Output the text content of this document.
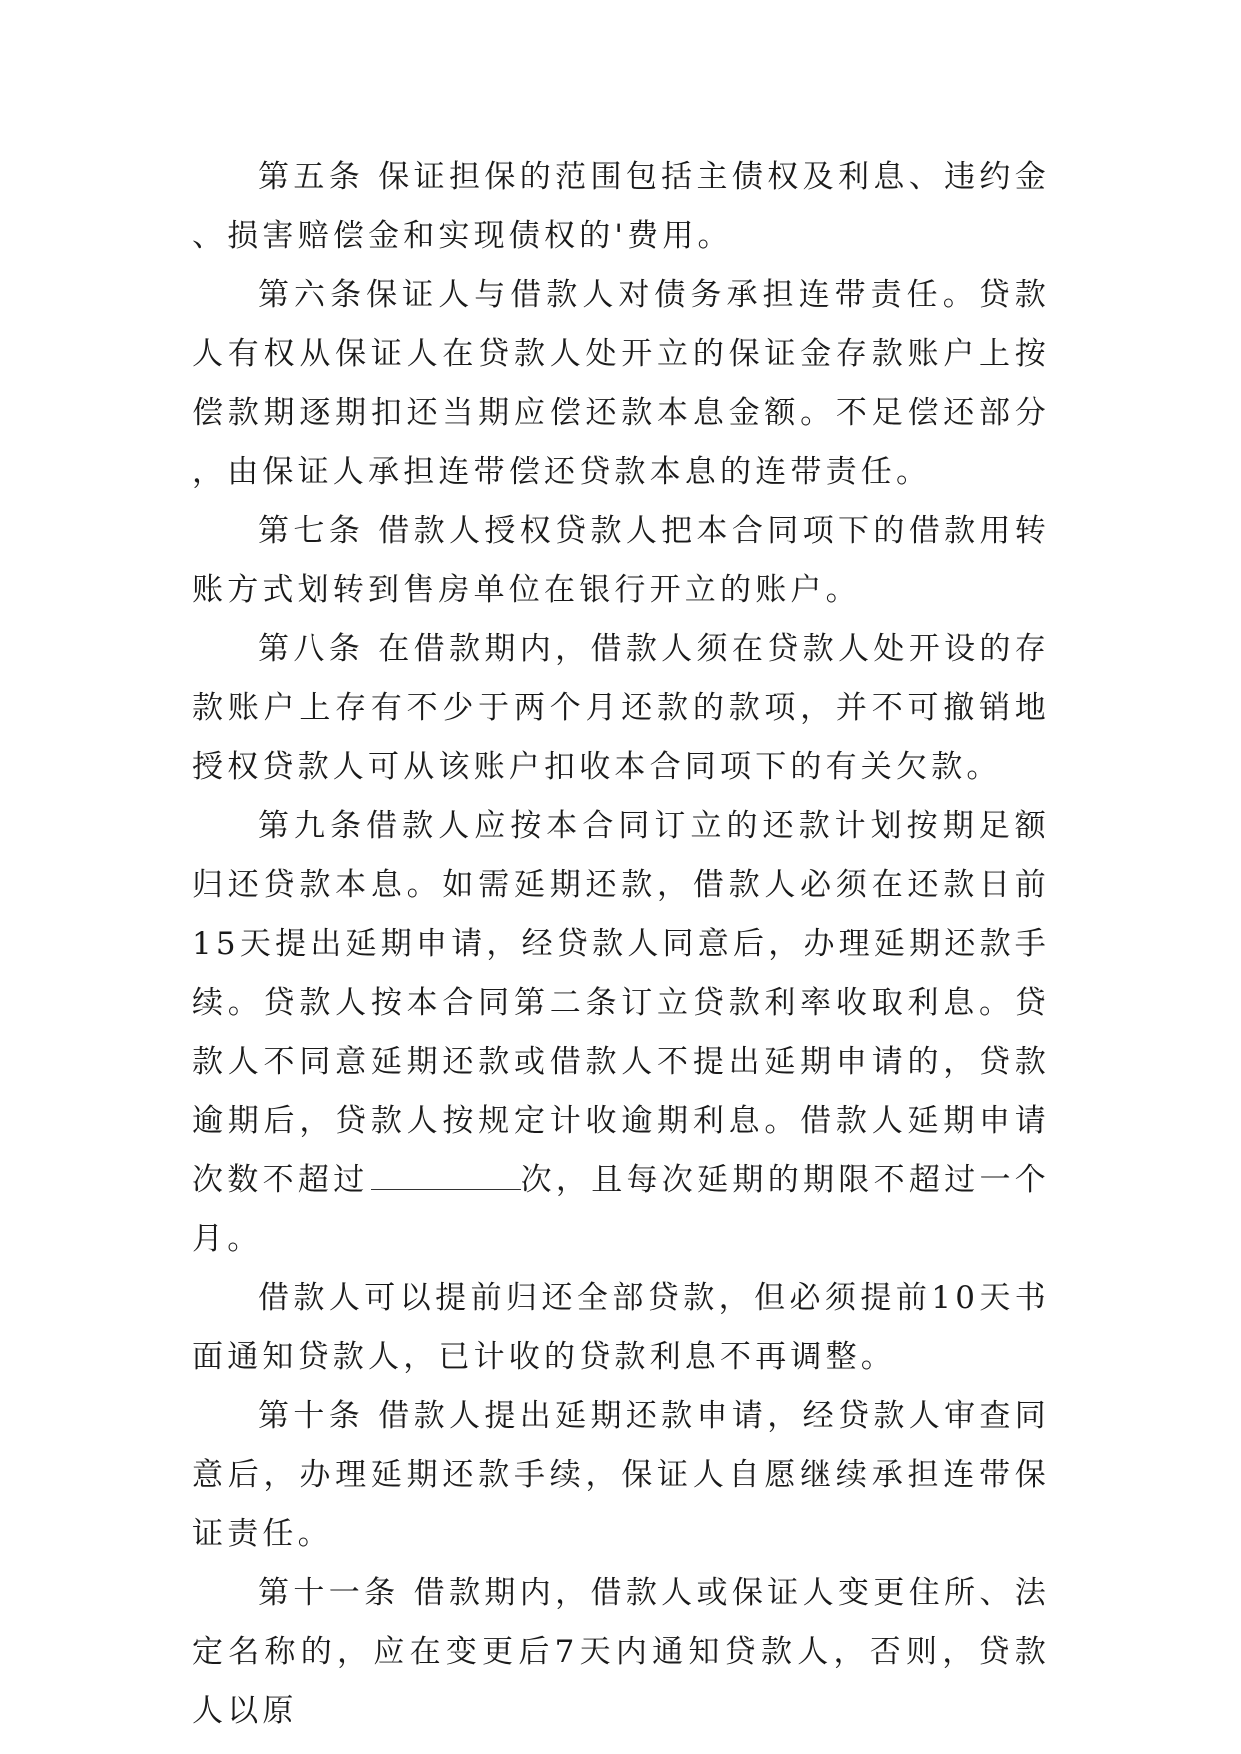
第五条 保证担保的范围包括主债权及利息、违约金、损害赔偿金和实现债权的'费用。

第六条保证人与借款人对债务承担连带责任。贷款人有权从保证人在贷款人处开立的保证金存款账户上按偿款期逐期扣还当期应偿还款本息金额。不足偿还部分，由保证人承担连带偿还贷款本息的连带责任。

第七条 借款人授权贷款人把本合同项下的借款用转账方式划转到售房单位在银行开立的账户。

第八条 在借款期内，借款人须在贷款人处开设的存款账户上存有不少于两个月还款的款项，并不可撤销地授权贷款人可从该账户扣收本合同项下的有关欠款。

第九条借款人应按本合同订立的还款计划按期足额归还贷款本息。如需延期还款，借款人必须在还款日前15天提出延期申请，经贷款人同意后，办理延期还款手续。贷款人按本合同第二条订立贷款利率收取利息。贷款人不同意延期还款或借款人不提出延期申请的，贷款逾期后，贷款人按规定计收逾期利息。借款人延期申请次数不超过	次，且每次延期的期限不超过一个月。

借款人可以提前归还全部贷款，但必须提前10天书面通知贷款人，已计收的贷款利息不再调整。

第十条 借款人提出延期还款申请，经贷款人审查同意后，办理延期还款手续，保证人自愿继续承担连带保证责任。

第十一条 借款期内，借款人或保证人变更住所、法定名称的，应在变更后7天内通知贷款人，否则，贷款人以原
